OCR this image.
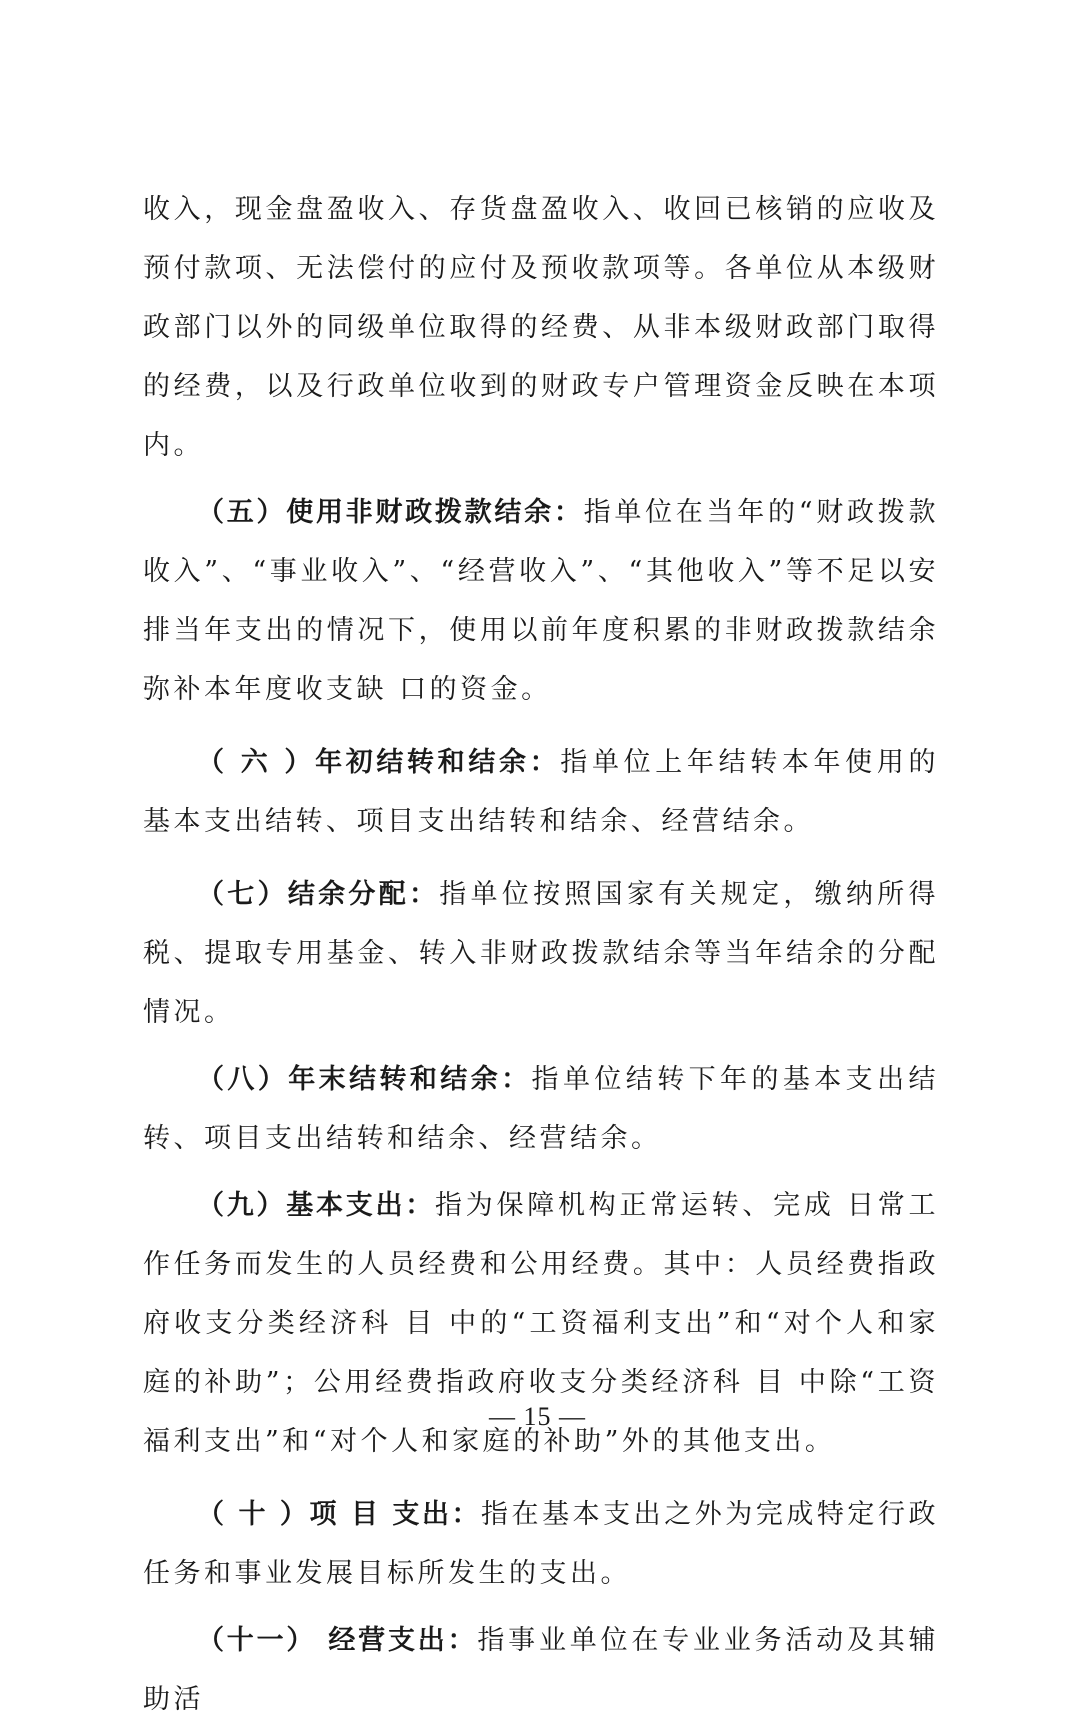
收入，现金盘盈收入、存货盘盈收入、收回已核销的应收及预付款项、无法偿付的应付及预收款项等。各单位从本级财政部门以外的同级单位取得的经费、从非本级财政部门取得的经费，以及行政单位收到的财政专户管理资金反映在本项内。

（五）使用非财政拨款结余：指单位在当年的“财政拨款收入”、“事业收入”、“经营收入”、“其他收入”等不足以安排当年支出的情况下，使用以前年度积累的非财政拨款结余弥补本年度收支缺 口的资金。

（ 六 ）年初结转和结余：指单位上年结转本年使用的基本支出结转、项目支出结转和结余、经营结余。

（七）结余分配：指单位按照国家有关规定，缴纳所得税、提取专用基金、转入非财政拨款结余等当年结余的分配情况。

（八）年末结转和结余：指单位结转下年的基本支出结转、项目支出结转和结余、经营结余。

（九）基本支出：指为保障机构正常运转、完成 日常工作任务而发生的人员经费和公用经费。其中：人员经费指政府收支分类经济科 目 中的“工资福利支出”和“对个人和家庭的补助”；公用经费指政府收支分类经济科 目 中除“工资福利支出”和“对个人和家庭的补助”外的其他支出。

（ 十 ）项 目 支出：指在基本支出之外为完成特定行政任务和事业发展目标所发生的支出。

（十一） 经营支出：指事业单位在专业业务活动及其辅助活

— 15 —
